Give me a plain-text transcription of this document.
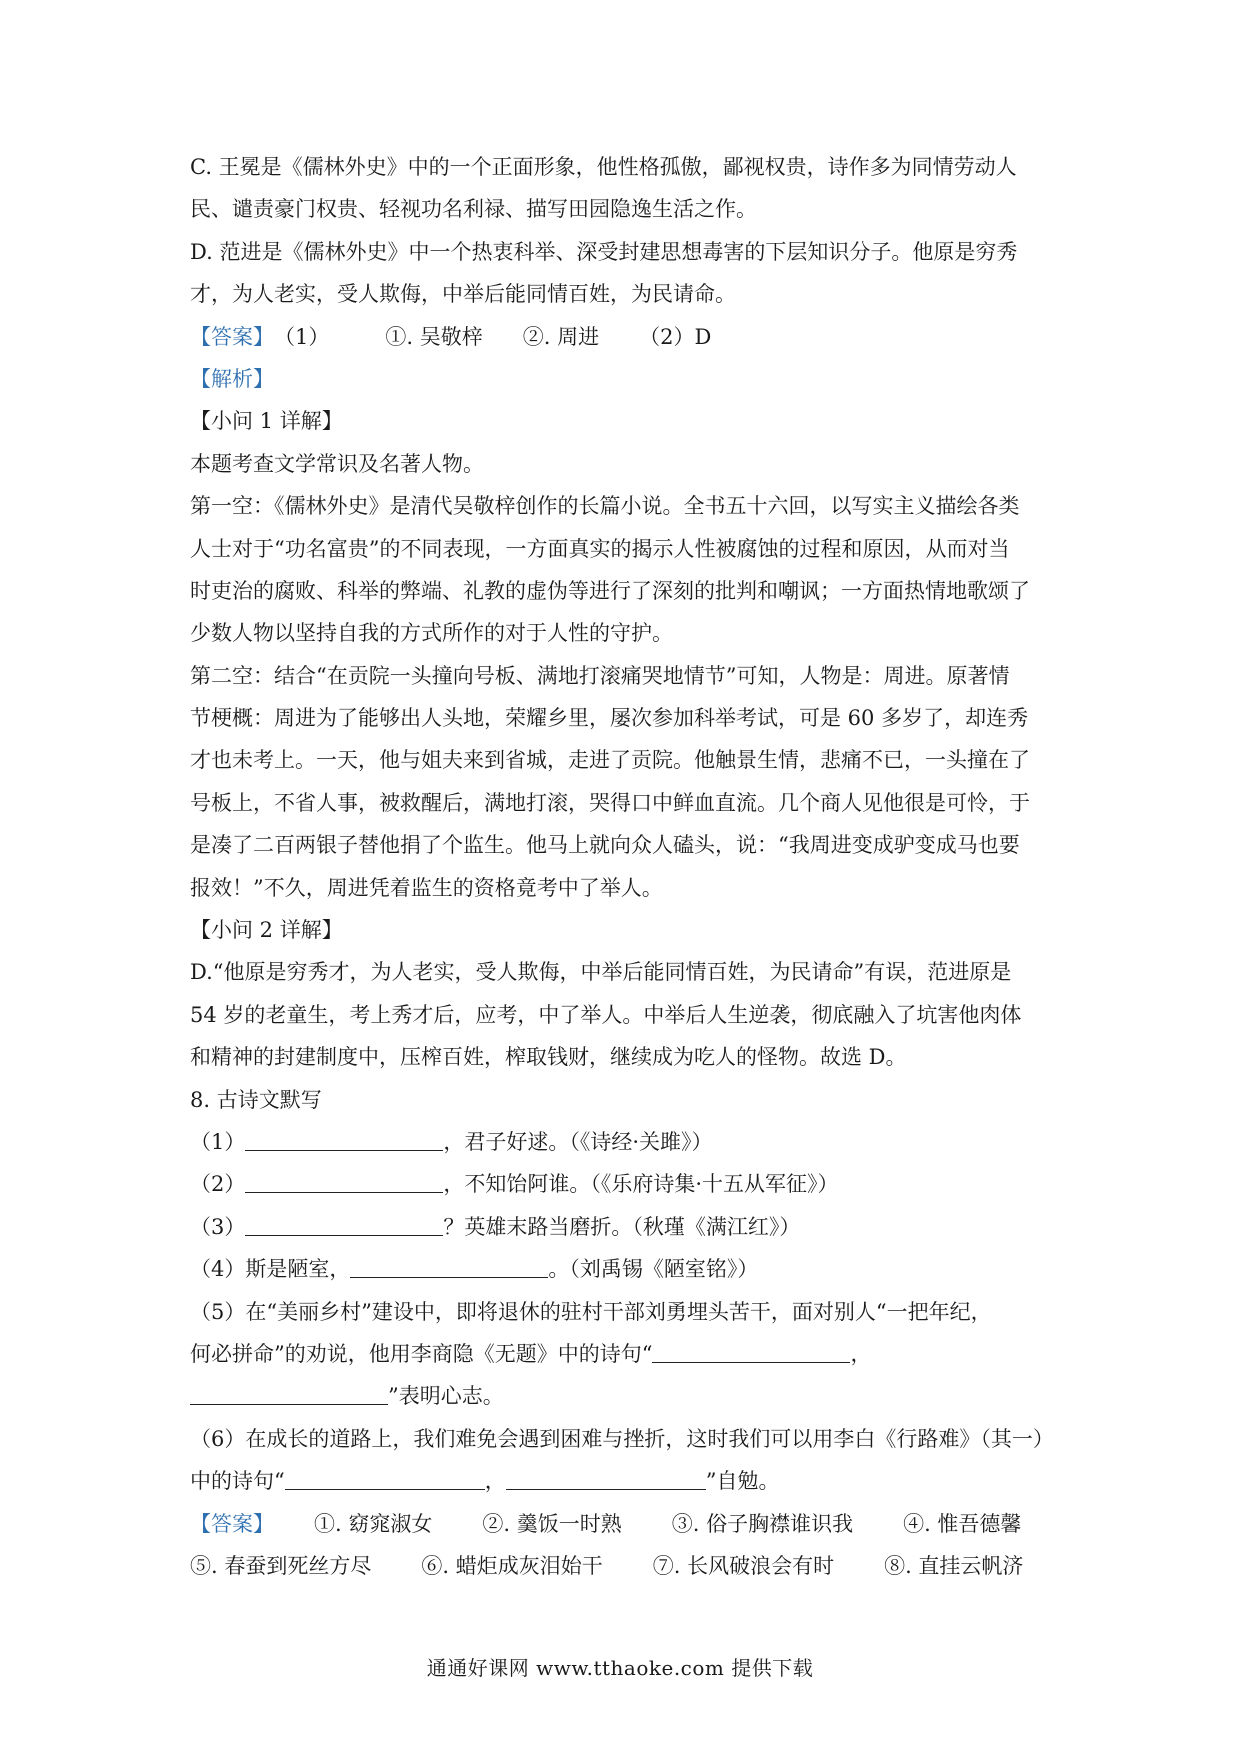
C. 王冕是《儒林外史》中的一个正面形象，他性格孤傲，鄙视权贵，诗作多为同情劳动人
民、谴责豪门权贵、轻视功名利禄、描写田园隐逸生活之作。
D. 范进是《儒林外史》中一个热衷科举、深受封建思想毒害的下层知识分子。他原是穷秀
才，为人老实，受人欺侮，中举后能同情百姓，为民请命。
【答案】（1）	①. 吴敬梓 ②. 周进 （2）D
【解析】
【小问 1 详解】
本题考查文学常识及名著人物。
第一空：《儒林外史》是清代吴敬梓创作的长篇小说。全书五十六回，以写实主义描绘各类
人士对于“功名富贵”的不同表现，一方面真实的揭示人性被腐蚀的过程和原因，从而对当
时吏治的腐败、科举的弊端、礼教的虚伪等进行了深刻的批判和嘲讽；一方面热情地歌颂了
少数人物以坚持自我的方式所作的对于人性的守护。
第二空：结合“在贡院一头撞向号板、满地打滚痛哭地情节”可知，人物是：周进。原著情
节梗概：周进为了能够出人头地，荣耀乡里，屡次参加科举考试，可是 60 多岁了，却连秀
才也未考上。一天，他与姐夫来到省城，走进了贡院。他触景生情，悲痛不已，一头撞在了
号板上，不省人事，被救醒后，满地打滚，哭得口中鲜血直流。几个商人见他很是可怜，于
是凑了二百两银子替他捐了个监生。他马上就向众人磕头，说：“我周进变成驴变成马也要
报效！”不久，周进凭着监生的资格竟考中了举人。
【小问 2 详解】
D.“他原是穷秀才，为人老实，受人欺侮，中举后能同情百姓，为民请命”有误，范进原是
54 岁的老童生，考上秀才后，应考，中了举人。中举后人生逆袭，彻底融入了坑害他肉体
和精神的封建制度中，压榨百姓，榨取钱财，继续成为吃人的怪物。故选 D。
8. 古诗文默写
（1）	，君子好逑。（《诗经·关雎》）
（2）	，不知饴阿谁。（《乐府诗集·十五从军征》）
（3）	？英雄末路当磨折。（秋瑾《满江红》）
（4）斯是陋室，	。（刘禹锡《陋室铭》）
（5）在“美丽乡村”建设中，即将退休的驻村干部刘勇埋头苦干，面对别人“一把年纪，
何必拼命”的劝说，他用李商隐《无题》中的诗句“	，
”表明心志。
（6）在成长的道路上，我们难免会遇到困难与挫折，这时我们可以用李白《行路难》（其一）
中的诗句“	，	”自勉。
【答案】 ①. 窈窕淑女 ②. 羹饭一时熟 ③. 俗子胸襟谁识我 ④. 惟吾德馨
⑤. 春蚕到死丝方尽 ⑥. 蜡炬成灰泪始干 ⑦. 长风破浪会有时 ⑧. 直挂云帆济
通通好课网 www.tthaoke.com 提供下载
